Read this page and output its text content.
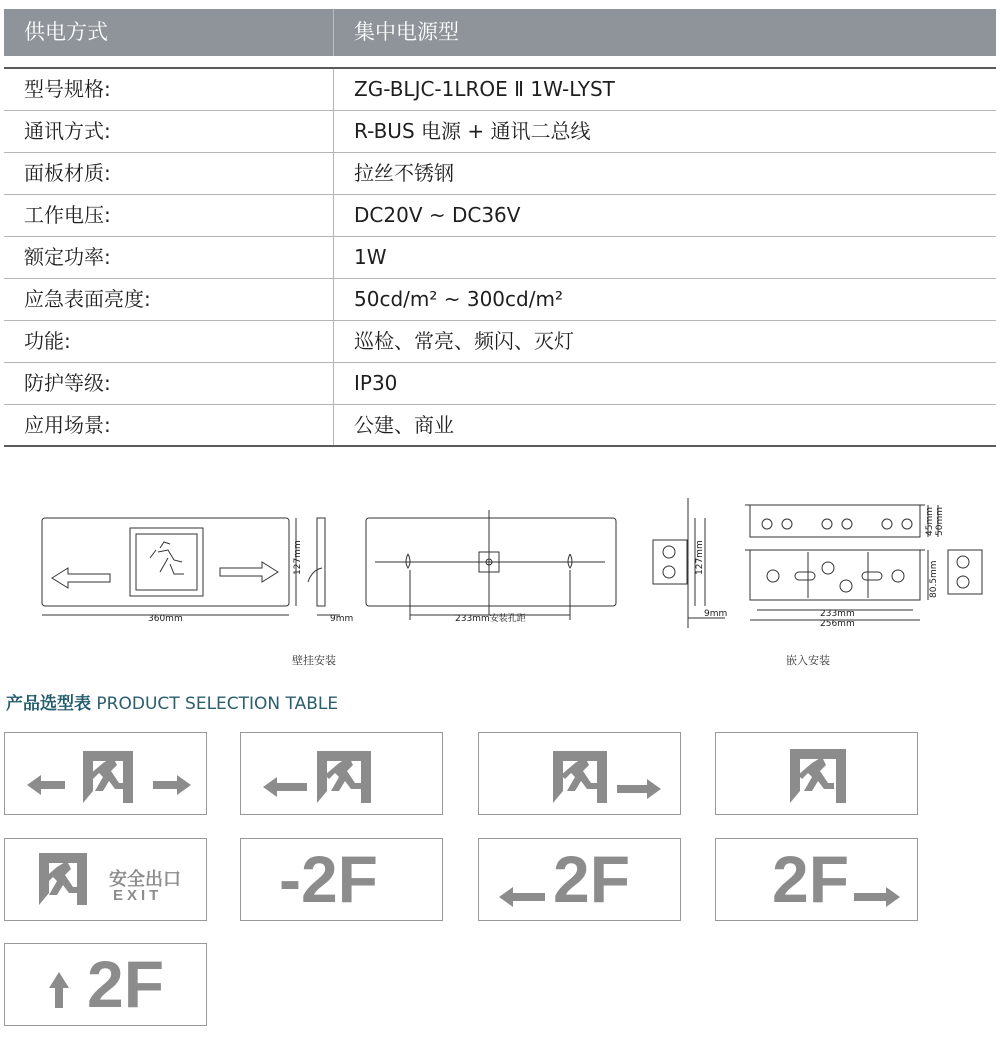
供电方式	集中电源型
型号规格:	ZG-BLJC-1LROE Ⅱ 1W-LYST
通讯方式:	R-BUS 电源 + 通讯二总线
面板材质:	拉丝不锈钢
工作电压:	DC20V ~ DC36V
额定功率:	1W
应急表面亮度:	50cd/m² ~ 300cd/m²
功能:	巡检、常亮、频闪、灭灯
防护等级:	IP30
应用场景:	公建、商业
360mm
127mm
9mm	233mm安装孔距
127mm
9mm
45mm 50mm
80.5mm
233mm
256mm
壁挂安装	嵌入安装
产品选型表 PRODUCT SELECTION TABLE
安全出口
EXIT -2F	2F 2F
2F
